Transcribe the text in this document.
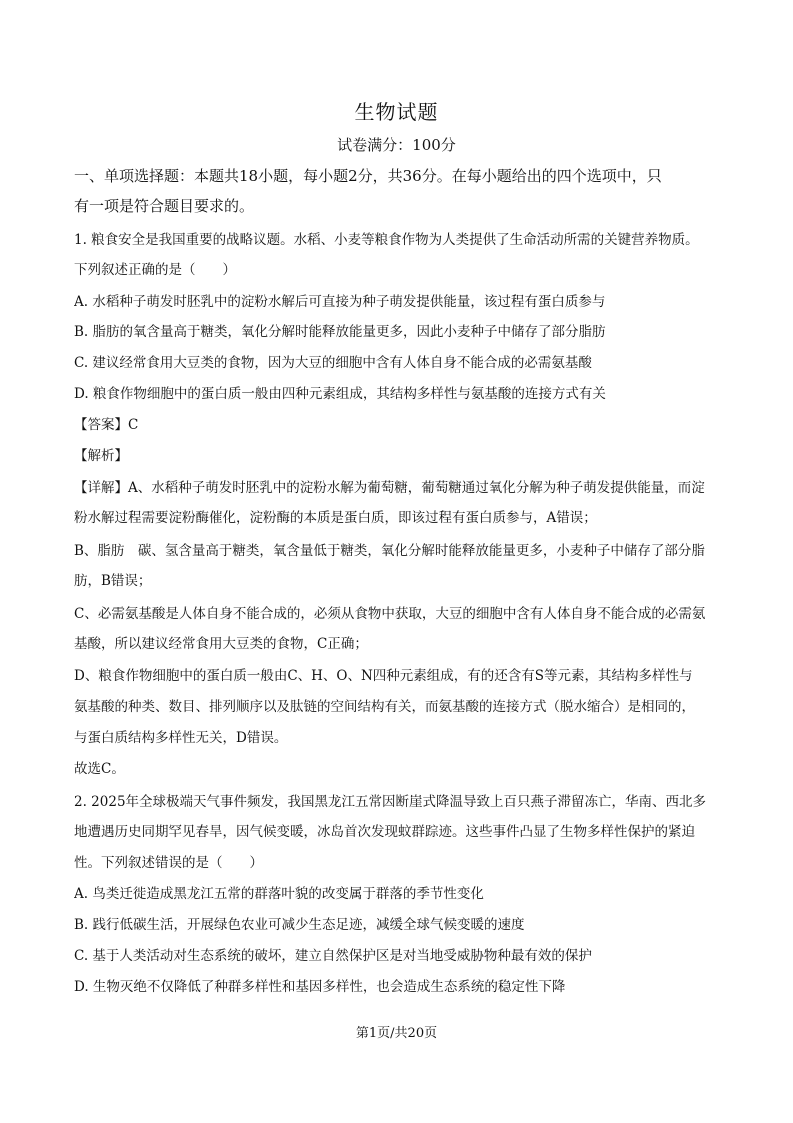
生物试题
试卷满分：100分
一、单项选择题：本题共18小题，每小题2分，共36分。在每小题给出的四个选项中，只
有一项是符合题目要求的。
1. 粮食安全是我国重要的战略议题。水稻、小麦等粮食作物为人类提供了生命活动所需的关键营养物质。
下列叙述正确的是（　　）
A. 水稻种子萌发时胚乳中的淀粉水解后可直接为种子萌发提供能量，该过程有蛋白质参与
B. 脂肪的氧含量高于糖类，氧化分解时能释放能量更多，因此小麦种子中储存了部分脂肪
C. 建议经常食用大豆类的食物，因为大豆的细胞中含有人体自身不能合成的必需氨基酸
D. 粮食作物细胞中的蛋白质一般由四种元素组成，其结构多样性与氨基酸的连接方式有关
【答案】C
【解析】
【详解】A、水稻种子萌发时胚乳中的淀粉水解为葡萄糖，葡萄糖通过氧化分解为种子萌发提供能量，而淀
粉水解过程需要淀粉酶催化，淀粉酶的本质是蛋白质，即该过程有蛋白质参与，A错误；
B、脂肪　碳、氢含量高于糖类，氧含量低于糖类，氧化分解时能释放能量更多，小麦种子中储存了部分脂
肪，B错误；
C、必需氨基酸是人体自身不能合成的，必须从食物中获取，大豆的细胞中含有人体自身不能合成的必需氨
基酸，所以建议经常食用大豆类的食物，C正确；
D、粮食作物细胞中的蛋白质一般由C、H、O、N四种元素组成，有的还含有S等元素，其结构多样性与
氨基酸的种类、数目、排列顺序以及肽链的空间结构有关，而氨基酸的连接方式（脱水缩合）是相同的，
与蛋白质结构多样性无关，D错误。
故选C。
2. 2025年全球极端天气事件频发，我国黑龙江五常因断崖式降温导致上百只燕子滞留冻亡，华南、西北多
地遭遇历史同期罕见春旱，因气候变暖，冰岛首次发现蚊群踪迹。这些事件凸显了生物多样性保护的紧迫
性。下列叙述错误的是（　　）
A. 鸟类迁徙造成黑龙江五常的群落叶貌的改变属于群落的季节性变化
B. 践行低碳生活，开展绿色农业可减少生态足迹，减缓全球气候变暖的速度
C. 基于人类活动对生态系统的破坏，建立自然保护区是对当地受威胁物种最有效的保护
D. 生物灭绝不仅降低了种群多样性和基因多样性，也会造成生态系统的稳定性下降
第1页/共20页
